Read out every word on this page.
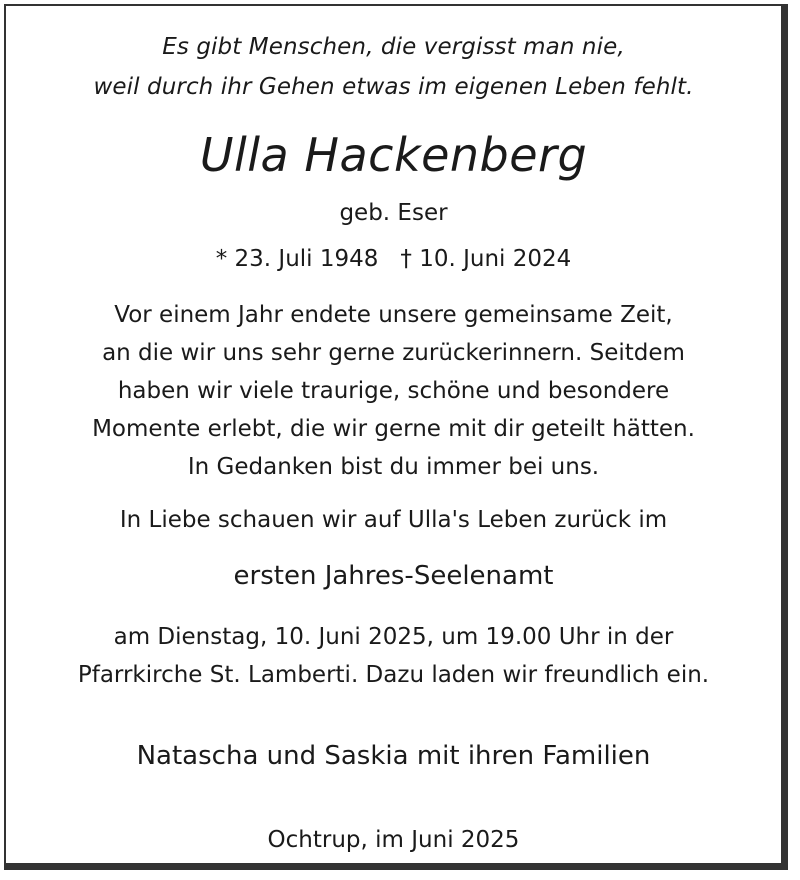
Es gibt Menschen, die vergisst man nie,
weil durch ihr Gehen etwas im eigenen Leben fehlt.
Ulla Hackenberg
geb. Eser
* 23. Juli 1948 † 10. Juni 2024
Vor einem Jahr endete unsere gemeinsame Zeit,
an die wir uns sehr gerne zurückerinnern. Seitdem
haben wir viele traurige, schöne und besondere
Momente erlebt, die wir gerne mit dir geteilt hätten.
In Gedanken bist du immer bei uns.
In Liebe schauen wir auf Ulla's Leben zurück im
ersten Jahres-Seelenamt
am Dienstag, 10. Juni 2025, um 19.00 Uhr in der
Pfarrkirche St. Lamberti. Dazu laden wir freundlich ein.
Natascha und Saskia mit ihren Familien
Ochtrup, im Juni 2025
